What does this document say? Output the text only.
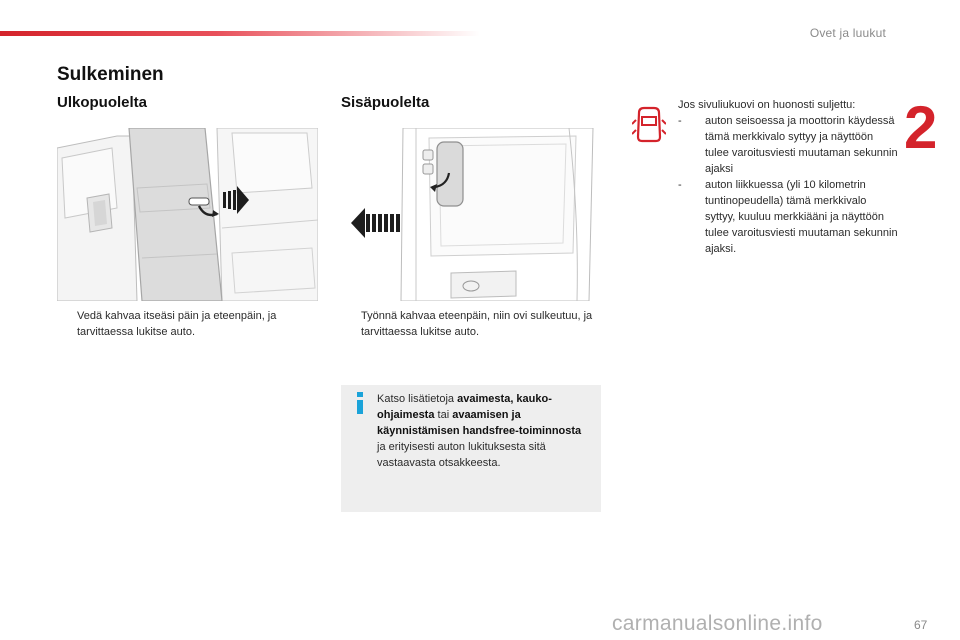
Ovet ja luukut
2
Sulkeminen
Ulkopuolelta
Vedä kahvaa itseäsi päin ja eteenpäin, ja tarvittaessa lukitse auto.
Sisäpuolelta
Työnnä kahvaa eteenpäin, niin ovi sulkeutuu, ja tarvittaessa lukitse auto.
Katso lisätietoja avaimesta, kauko-ohjaimesta tai avaamisen ja käynnistämisen handsfree-toiminnosta ja erityisesti auton lukituksesta sitä vastaavasta otsakkeesta.
Jos sivuliukuovi on huonosti suljettu:
- auton seisoessa ja moottorin käydessä tämä merkkivalo syttyy ja näyttöön tulee varoitusviesti muutaman sekunnin ajaksi
- auton liikkuessa (yli 10 kilometrin tuntinopeudella) tämä merkkivalo syttyy, kuuluu merkkiääni ja näyttöön tulee varoitusviesti muutaman sekunnin ajaksi.
carmanualsonline.info	67
